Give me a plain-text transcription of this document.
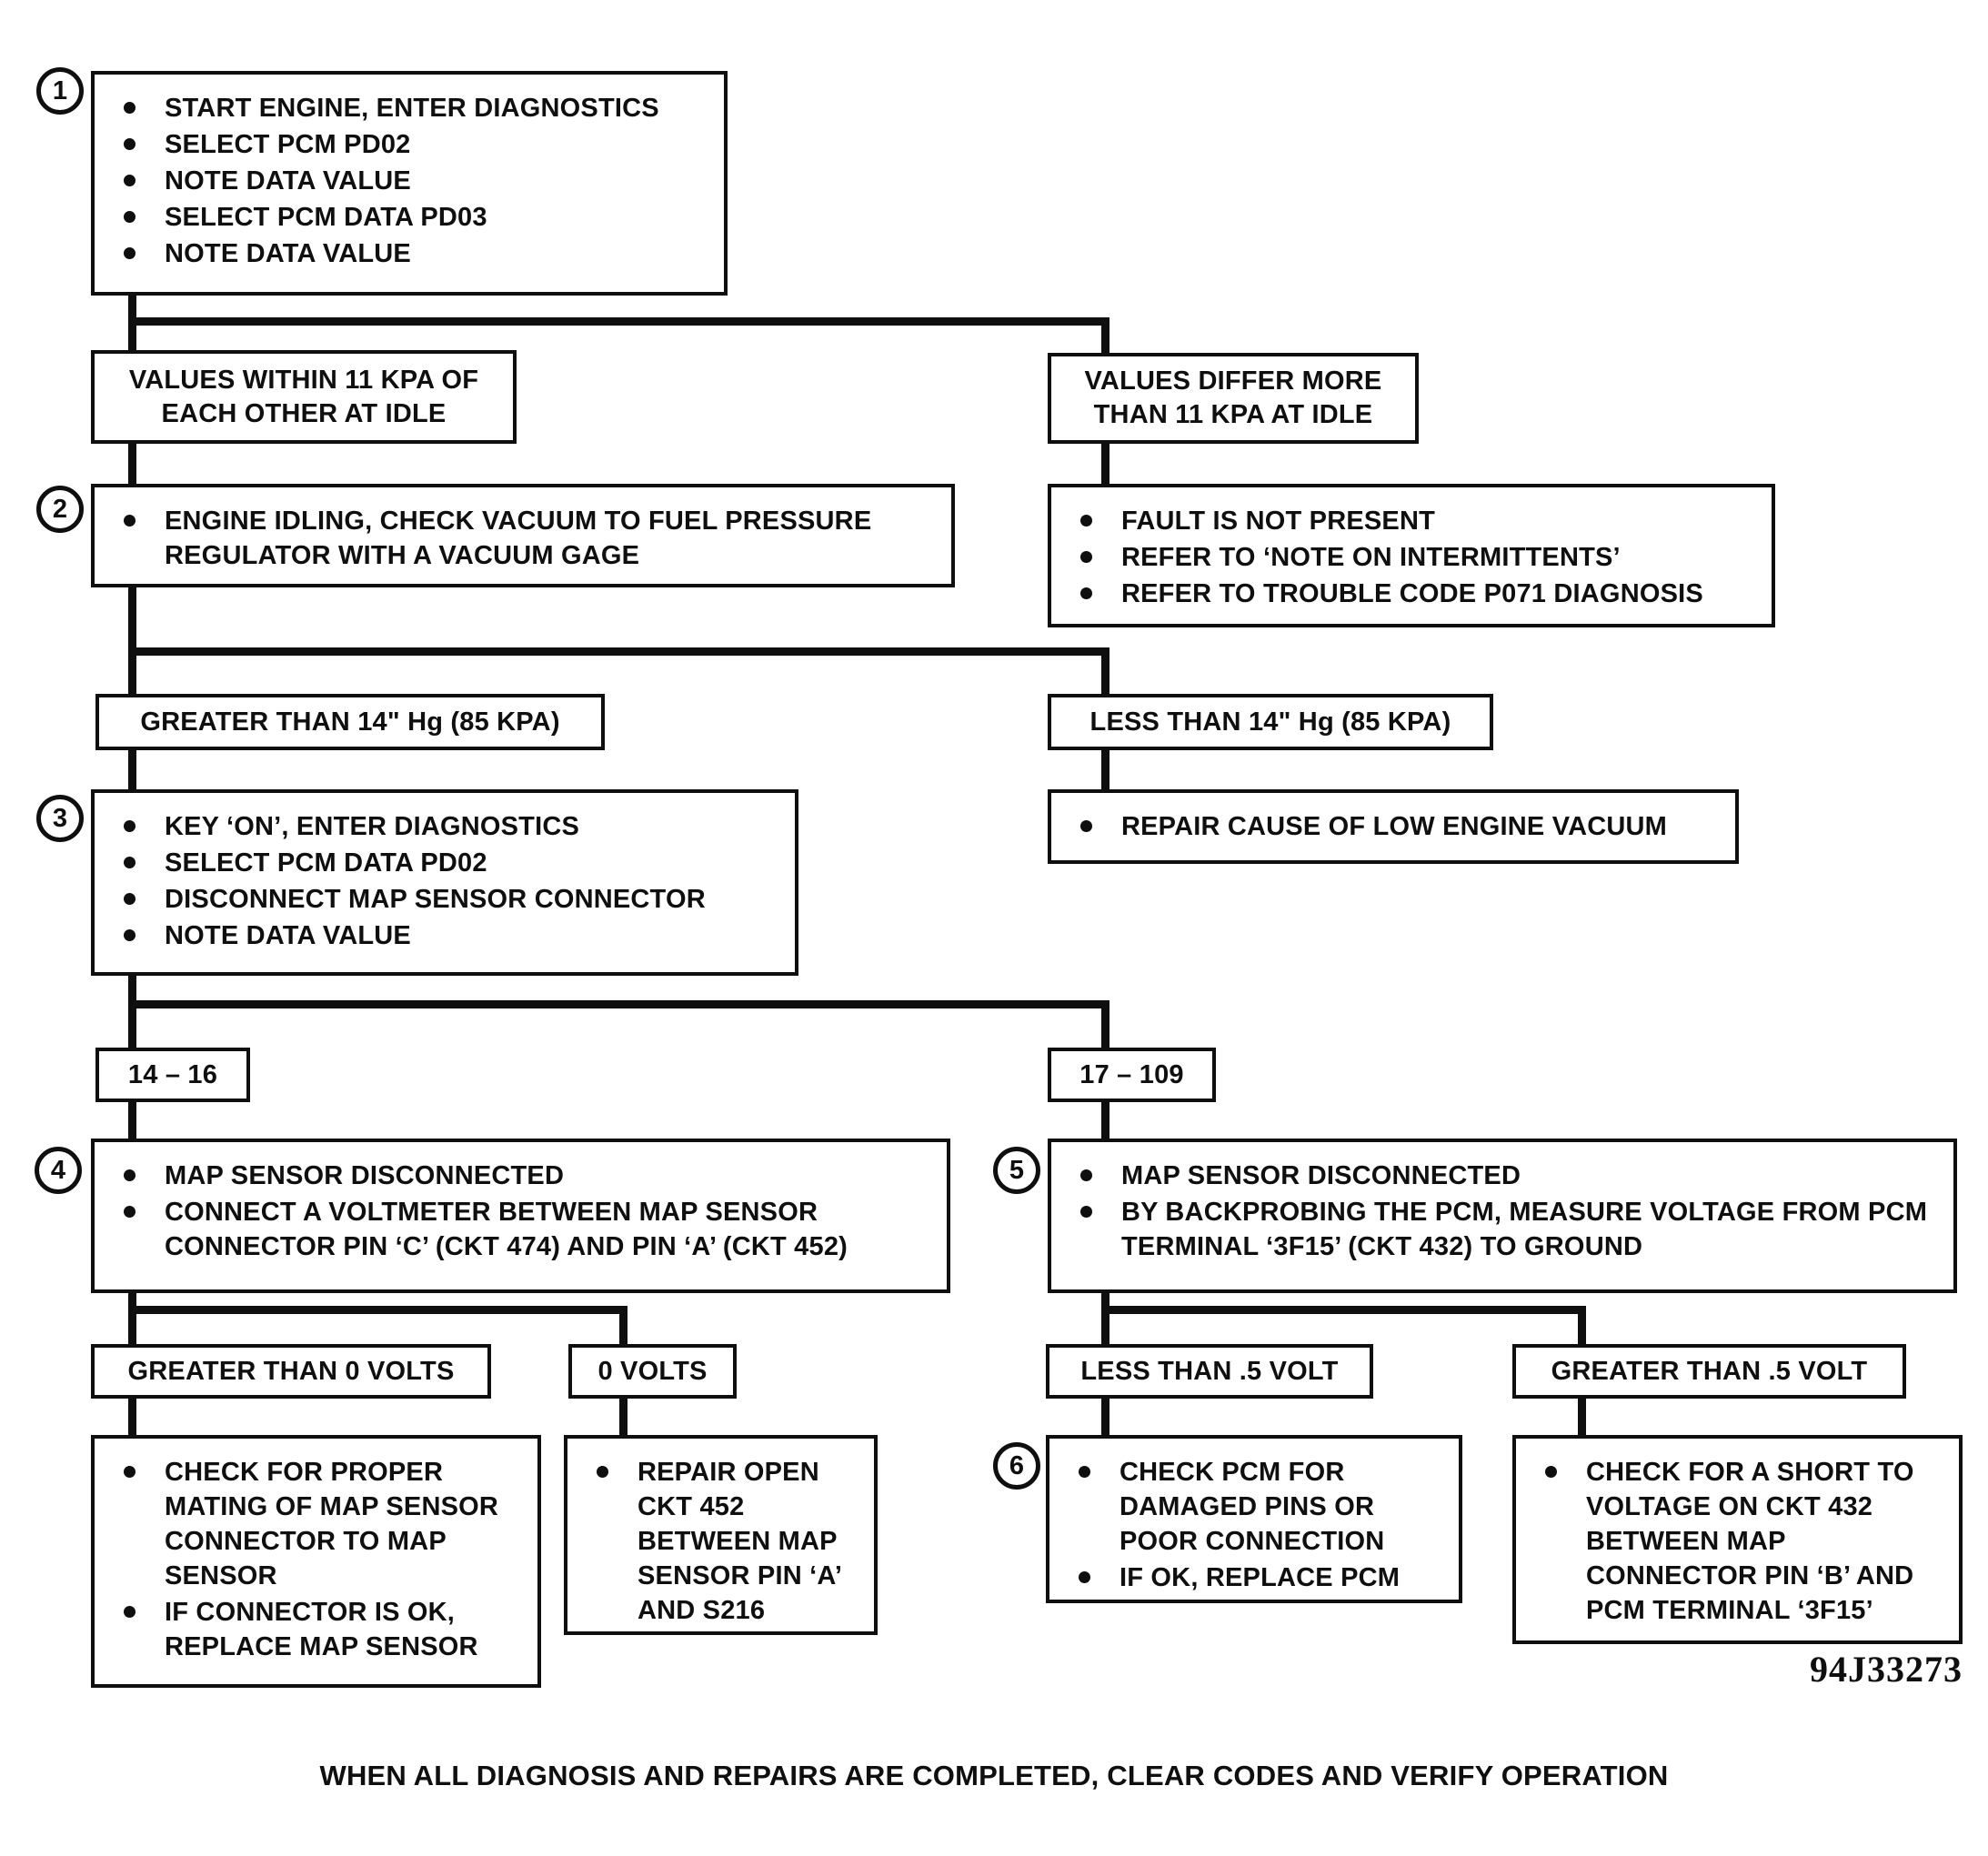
1
2
3
4	5
6
START ENGINE, ENTER DIAGNOSTICS
SELECT PCM PD02
NOTE DATA VALUE
SELECT PCM DATA PD03
NOTE DATA VALUE
VALUES WITHIN 11 KPA OF
EACH OTHER AT IDLE
VALUES DIFFER MORE
THAN 11 KPA AT IDLE
ENGINE IDLING, CHECK VACUUM TO FUEL PRESSURE REGULATOR WITH A VACUUM GAGE
FAULT IS NOT PRESENT
REFER TO ‘NOTE ON INTERMITTENTS’
REFER TO TROUBLE CODE P071 DIAGNOSIS
GREATER THAN 14" Hg (85 KPA)	LESS THAN 14" Hg (85 KPA)
KEY ‘ON’, ENTER DIAGNOSTICS
SELECT PCM DATA PD02
DISCONNECT MAP SENSOR CONNECTOR
NOTE DATA VALUE
REPAIR CAUSE OF LOW ENGINE VACUUM
14 – 16	17 – 109
MAP SENSOR DISCONNECTED
CONNECT A VOLTMETER BETWEEN MAP SENSOR CONNECTOR PIN ‘C’ (CKT 474) AND PIN ‘A’ (CKT 452)
MAP SENSOR DISCONNECTED
BY BACKPROBING THE PCM, MEASURE VOLTAGE FROM PCM TERMINAL ‘3F15’ (CKT 432) TO GROUND
GREATER THAN 0 VOLTS	0 VOLTS	LESS THAN .5 VOLT	GREATER THAN .5 VOLT
CHECK FOR PROPER MATING OF MAP SENSOR CONNECTOR TO MAP SENSOR
IF CONNECTOR IS OK, REPLACE MAP SENSOR
REPAIR OPEN CKT 452 BETWEEN MAP SENSOR PIN ‘A’ AND S216
CHECK PCM FOR DAMAGED PINS OR POOR CONNECTION
IF OK, REPLACE PCM
CHECK FOR A SHORT TO VOLTAGE ON CKT 432 BETWEEN MAP CONNECTOR PIN ‘B’ AND PCM TERMINAL ‘3F15’
94J33273
WHEN ALL DIAGNOSIS AND REPAIRS ARE COMPLETED, CLEAR CODES AND VERIFY OPERATION
